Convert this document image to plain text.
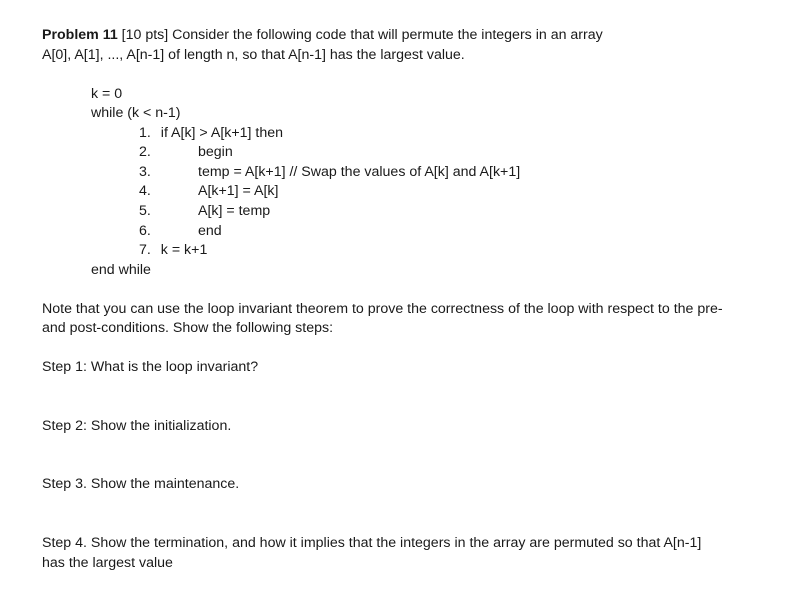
Problem 11 [10 pts] Consider the following code that will permute the integers in an array
A[0], A[1], ..., A[n-1] of length n, so that A[n-1] has the largest value.
k = 0
while (k < n-1)
1. if A[k] > A[k+1] then
2.	begin
3.	temp = A[k+1] // Swap the values of A[k] and A[k+1]
4.	A[k+1] = A[k]
5.	A[k] = temp
6.	end
7. k = k+1
end while
Note that you can use the loop invariant theorem to prove the correctness of the loop with respect to the pre-
and post-conditions. Show the following steps:
Step 1: What is the loop invariant?
Step 2: Show the initialization.
Step 3. Show the maintenance.
Step 4. Show the termination, and how it implies that the integers in the array are permuted so that A[n-1]
has the largest value
